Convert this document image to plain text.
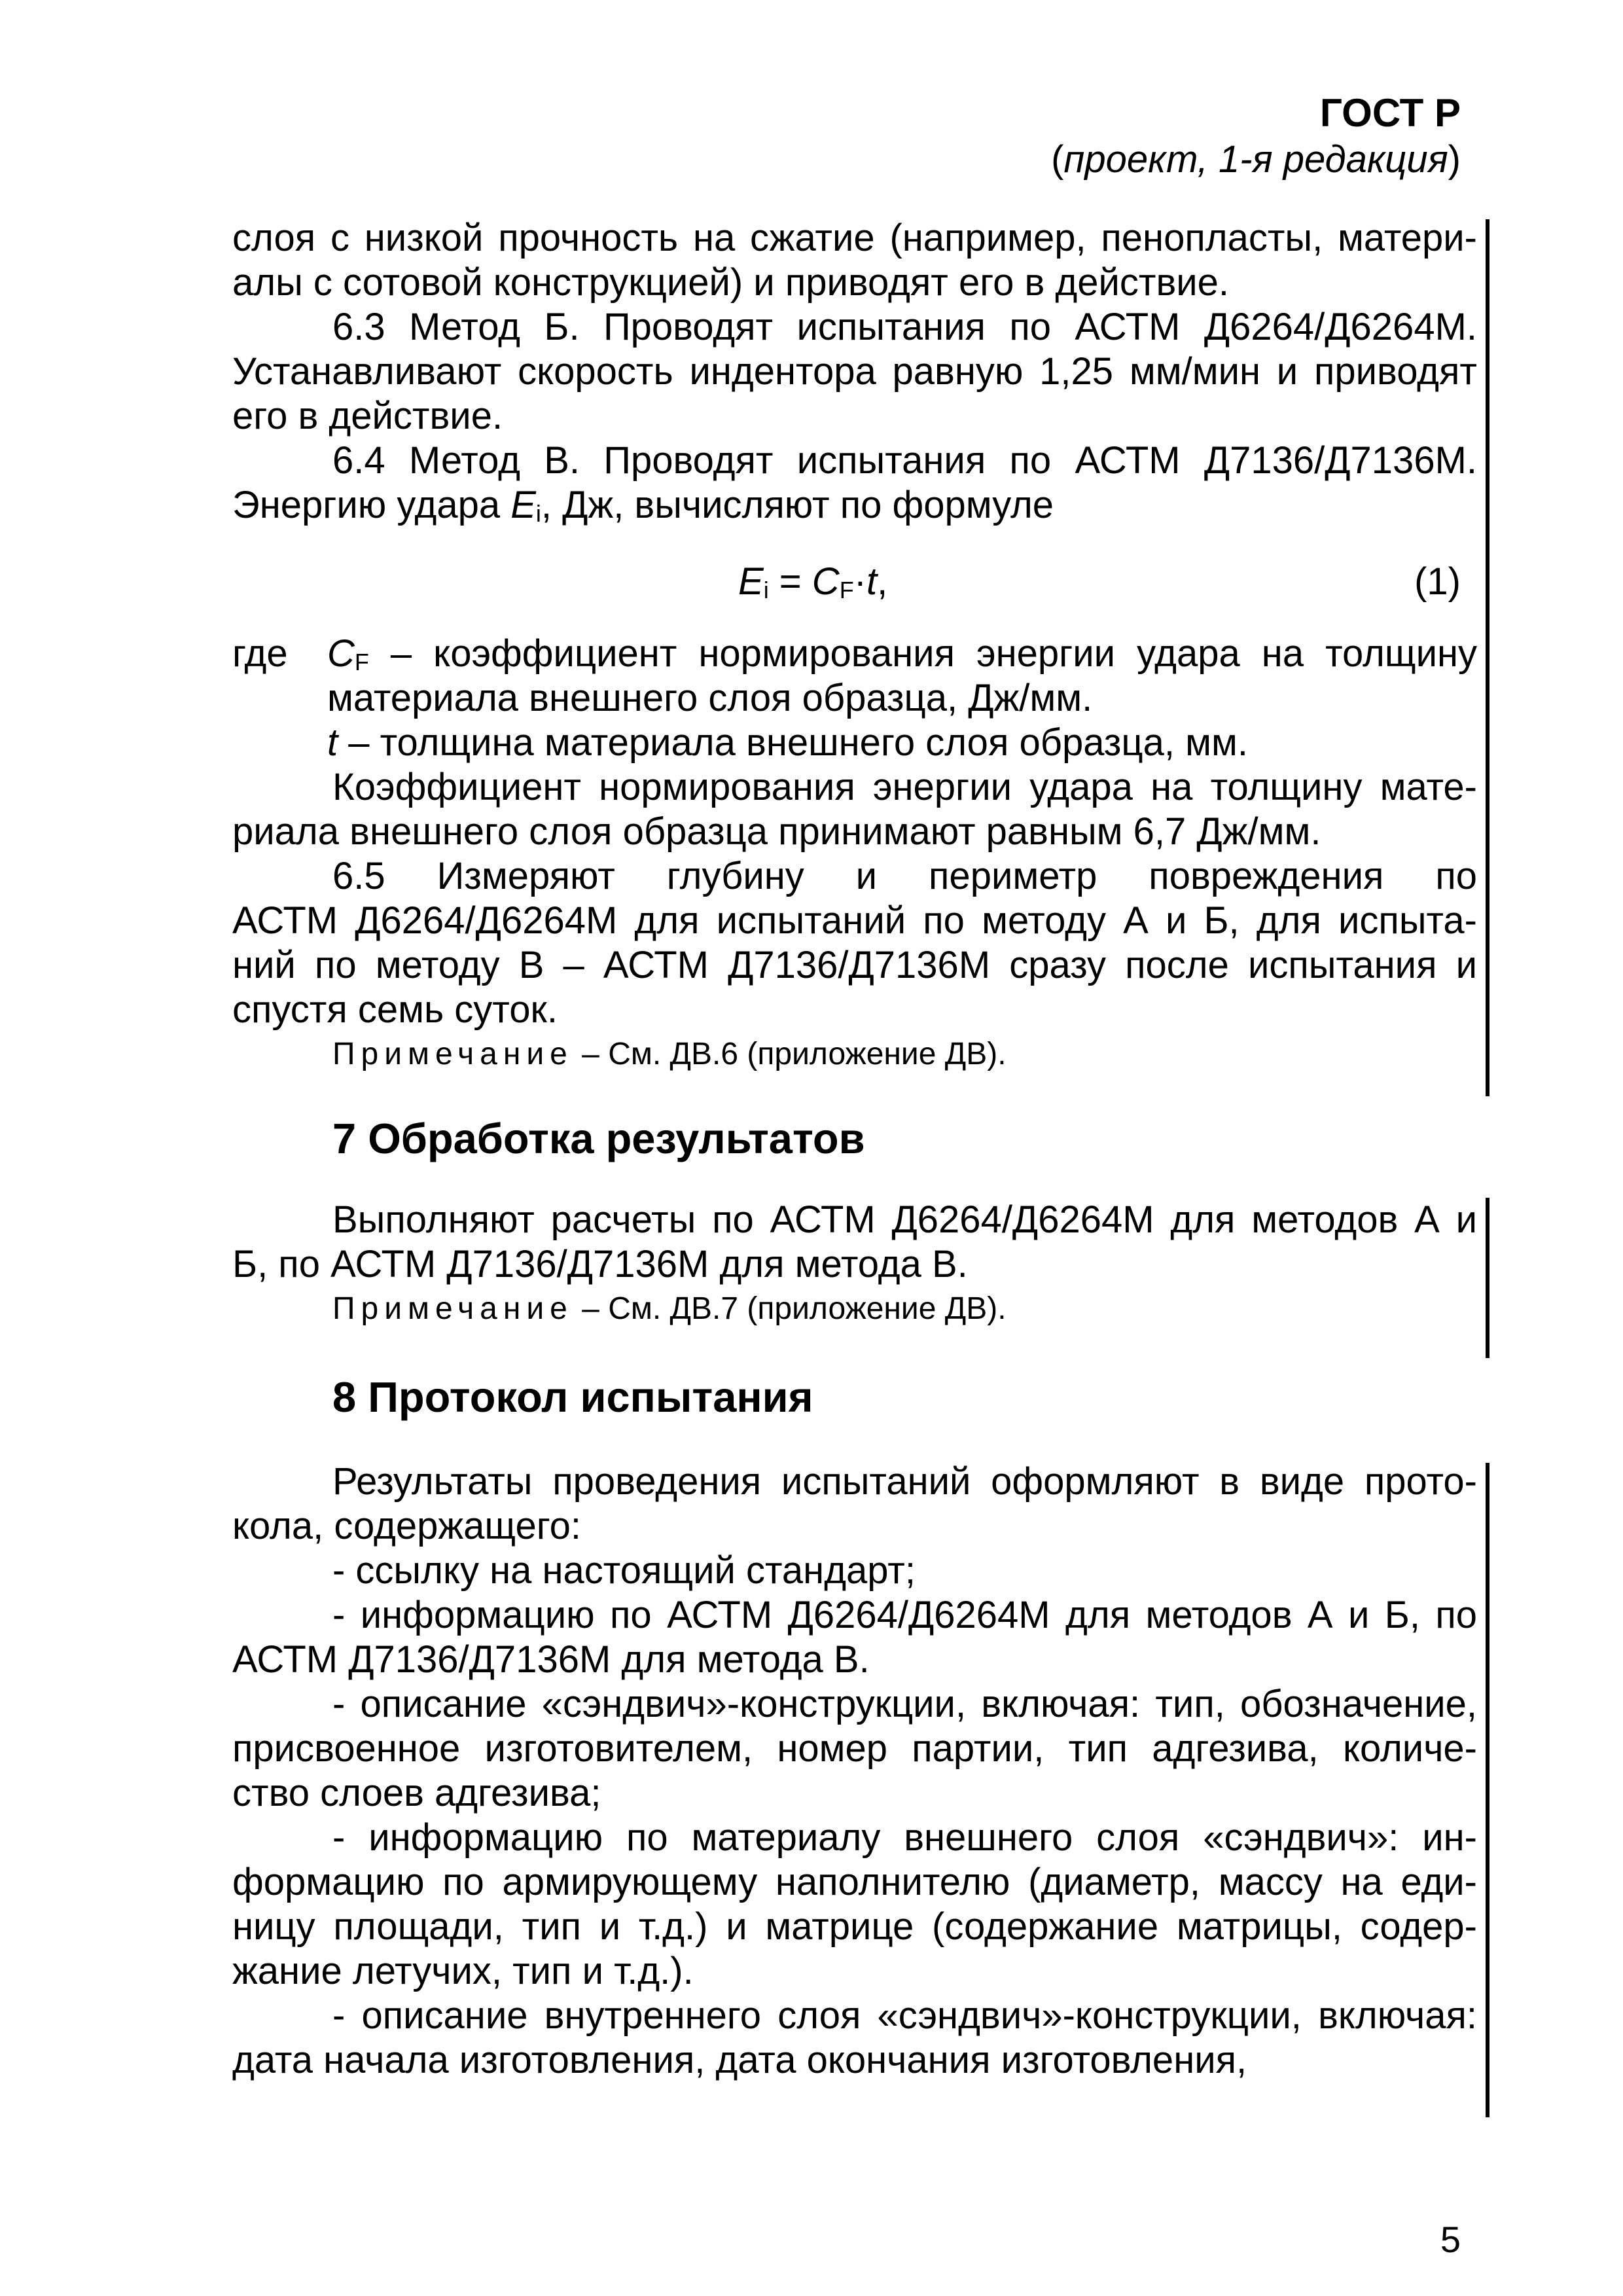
ГОСТ Р
(проект, 1-я редакция)
слоя с низкой прочность на сжатие (например, пенопласты, матери-
алы с сотовой конструкцией) и приводят его в действие.
6.3 Метод Б. Проводят испытания по АСТМ Д6264/Д6264М.
Устанавливают скорость индентора равную 1,25 мм/мин и приводят
его в действие.
6.4 Метод В. Проводят испытания по АСТМ Д7136/Д7136М.
Энергию удара $E_i$, Дж, вычисляют по формуле
$E_i = C_F\cdot t$,	(1)
где $C_F$ – коэффициент нормирования энергии удара на толщину
материала внешнего слоя образца, Дж/мм.
t – толщина материала внешнего слоя образца, мм.
Коэффициент нормирования энергии удара на толщину мате-
риала внешнего слоя образца принимают равным 6,7 Дж/мм.
6.5 Измеряют глубину и периметр повреждения по
АСТМ Д6264/Д6264М для испытаний по методу А и Б, для испыта-
ний по методу В – АСТМ Д7136/Д7136М сразу после испытания и
спустя семь суток.
Примечание – См. ДВ.6 (приложение ДВ).
7 Обработка результатов
Выполняют расчеты по АСТМ Д6264/Д6264М для методов А и
Б, по АСТМ Д7136/Д7136М для метода В.
Примечание – См. ДВ.7 (приложение ДВ).
8 Протокол испытания
Результаты проведения испытаний оформляют в виде прото-
кола, содержащего:
- ссылку на настоящий стандарт;
- информацию по АСТМ Д6264/Д6264М для методов А и Б, по
АСТМ Д7136/Д7136М для метода В.
- описание «сэндвич»-конструкции, включая: тип, обозначение,
присвоенное изготовителем, номер партии, тип адгезива, количе-
ство слоев адгезива;
- информацию по материалу внешнего слоя «сэндвич»: ин-
формацию по армирующему наполнителю (диаметр, массу на еди-
ницу площади, тип и т.д.) и матрице (содержание матрицы, содер-
жание летучих, тип и т.д.).
- описание внутреннего слоя «сэндвич»-конструкции, включая:
дата начала изготовления, дата окончания изготовления,
5
